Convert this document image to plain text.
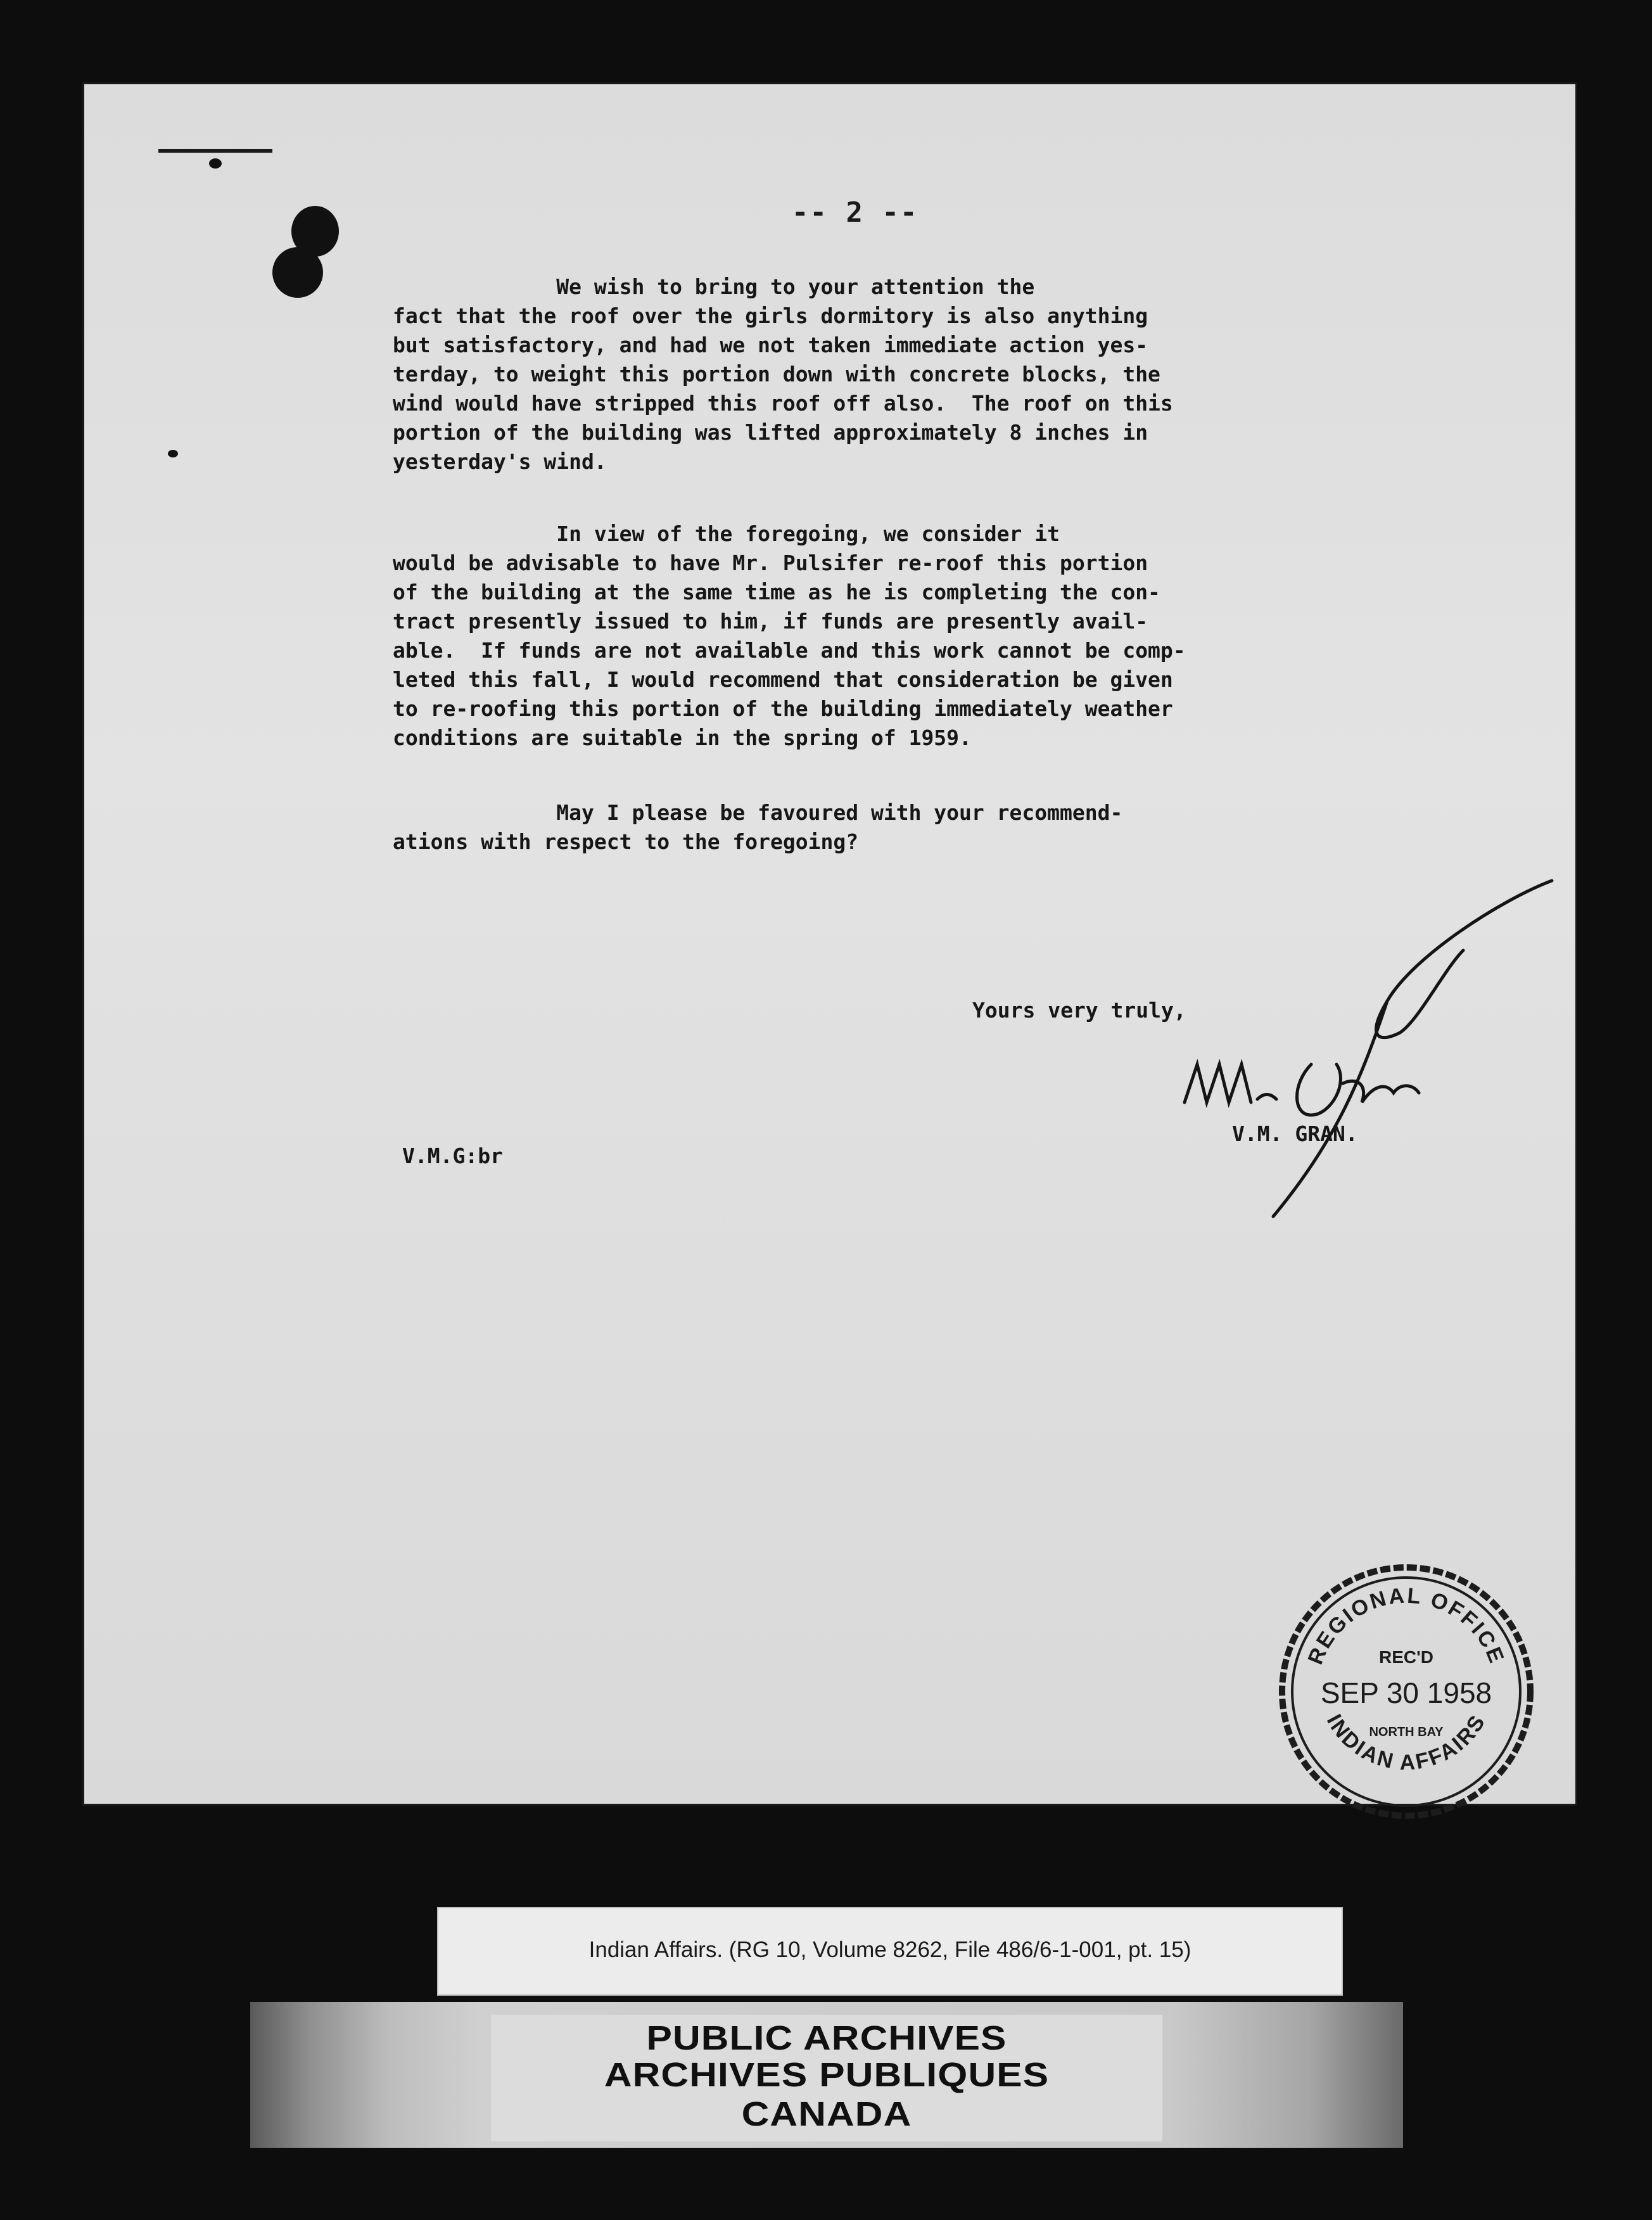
-- 2 --
We wish to bring to your attention the
fact that the roof over the girls dormitory is also anything
but satisfactory, and had we not taken immediate action yes-
terday, to weight this portion down with concrete blocks, the
wind would have stripped this roof off also.  The roof on this
portion of the building was lifted approximately 8 inches in
yesterday's wind.
In view of the foregoing, we consider it
would be advisable to have Mr. Pulsifer re-roof this portion
of the building at the same time as he is completing the con-
tract presently issued to him, if funds are presently avail-
able.  If funds are not available and this work cannot be comp-
leted this fall, I would recommend that consideration be given
to re-roofing this portion of the building immediately weather
conditions are suitable in the spring of 1959.
May I please be favoured with your recommend-
ations with respect to the foregoing?
Yours very truly,
V.M. GRAN.
V.M.G:br
REGIONAL OFFICE
REC'D
SEP 30 1958
NORTH BAY
INDIAN AFFAIRS
Indian Affairs. (RG 10, Volume 8262, File 486/6-1-001, pt. 15)
PUBLIC ARCHIVES
ARCHIVES PUBLIQUES
CANADA
